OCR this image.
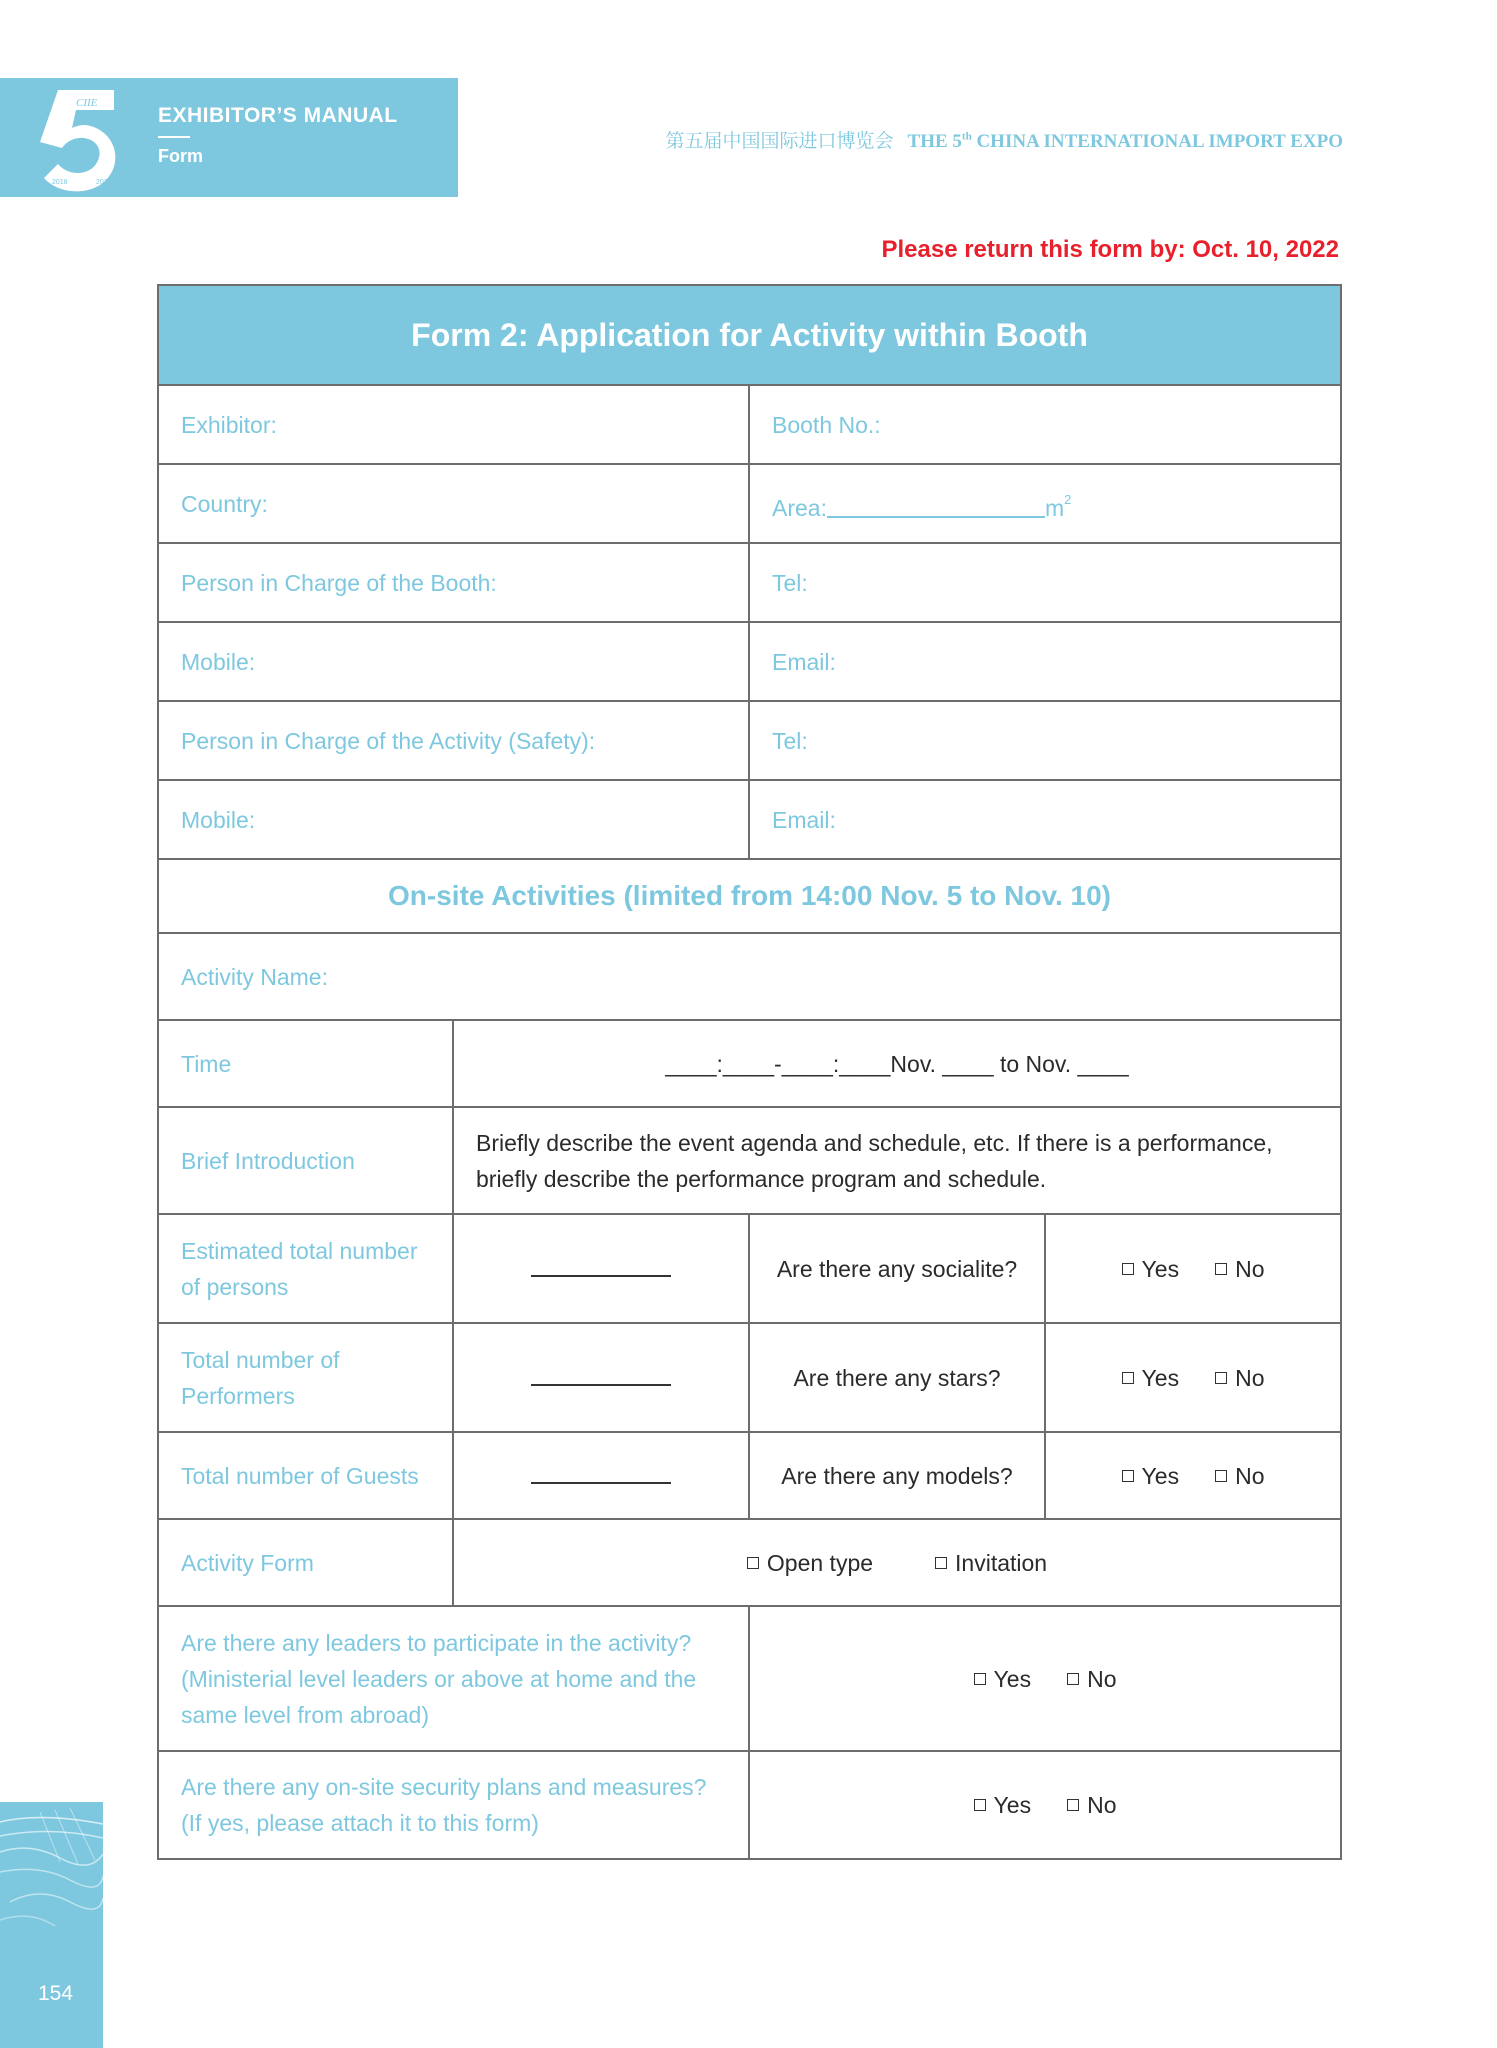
CIIE
2018	2022
EXHIBITOR’S MANUAL
Form
第五届中国国际进口博览会 THE 5th CHINA INTERNATIONAL IMPORT EXPO
Please return this form by: Oct. 10, 2022
Form 2: Application for Activity within Booth			
Exhibitor:		Booth No.:	
Country:		Area: $m^2$
Person in Charge of the Booth:		Tel:	
Mobile:		Email:	
Person in Charge of the Activity (Safety):		Tel:	
Mobile:		Email:	
On-site Activities (limited from 14:00 Nov. 5 to Nov. 10)			
Activity Name:			
Time	____:____-____:____Nov. ____ to Nov. ____		
Brief Introduction	Briefly describe the event agenda and schedule, etc. If there is a performance, briefly describe the performance program and schedule.		
Estimated total number of persons		Are there any socialite?	Yes No
Total number of Performers		Are there any stars?	Yes No
Total number of Guests		Are there any models?	Yes No
Activity Form	Open type Invitation		
Are there any leaders to participate in the activity? (Ministerial level leaders or above at home and the same level from abroad)		Yes No	
Are there any on-site security plans and measures?(If yes, please attach it to this form)		Yes No	
154
